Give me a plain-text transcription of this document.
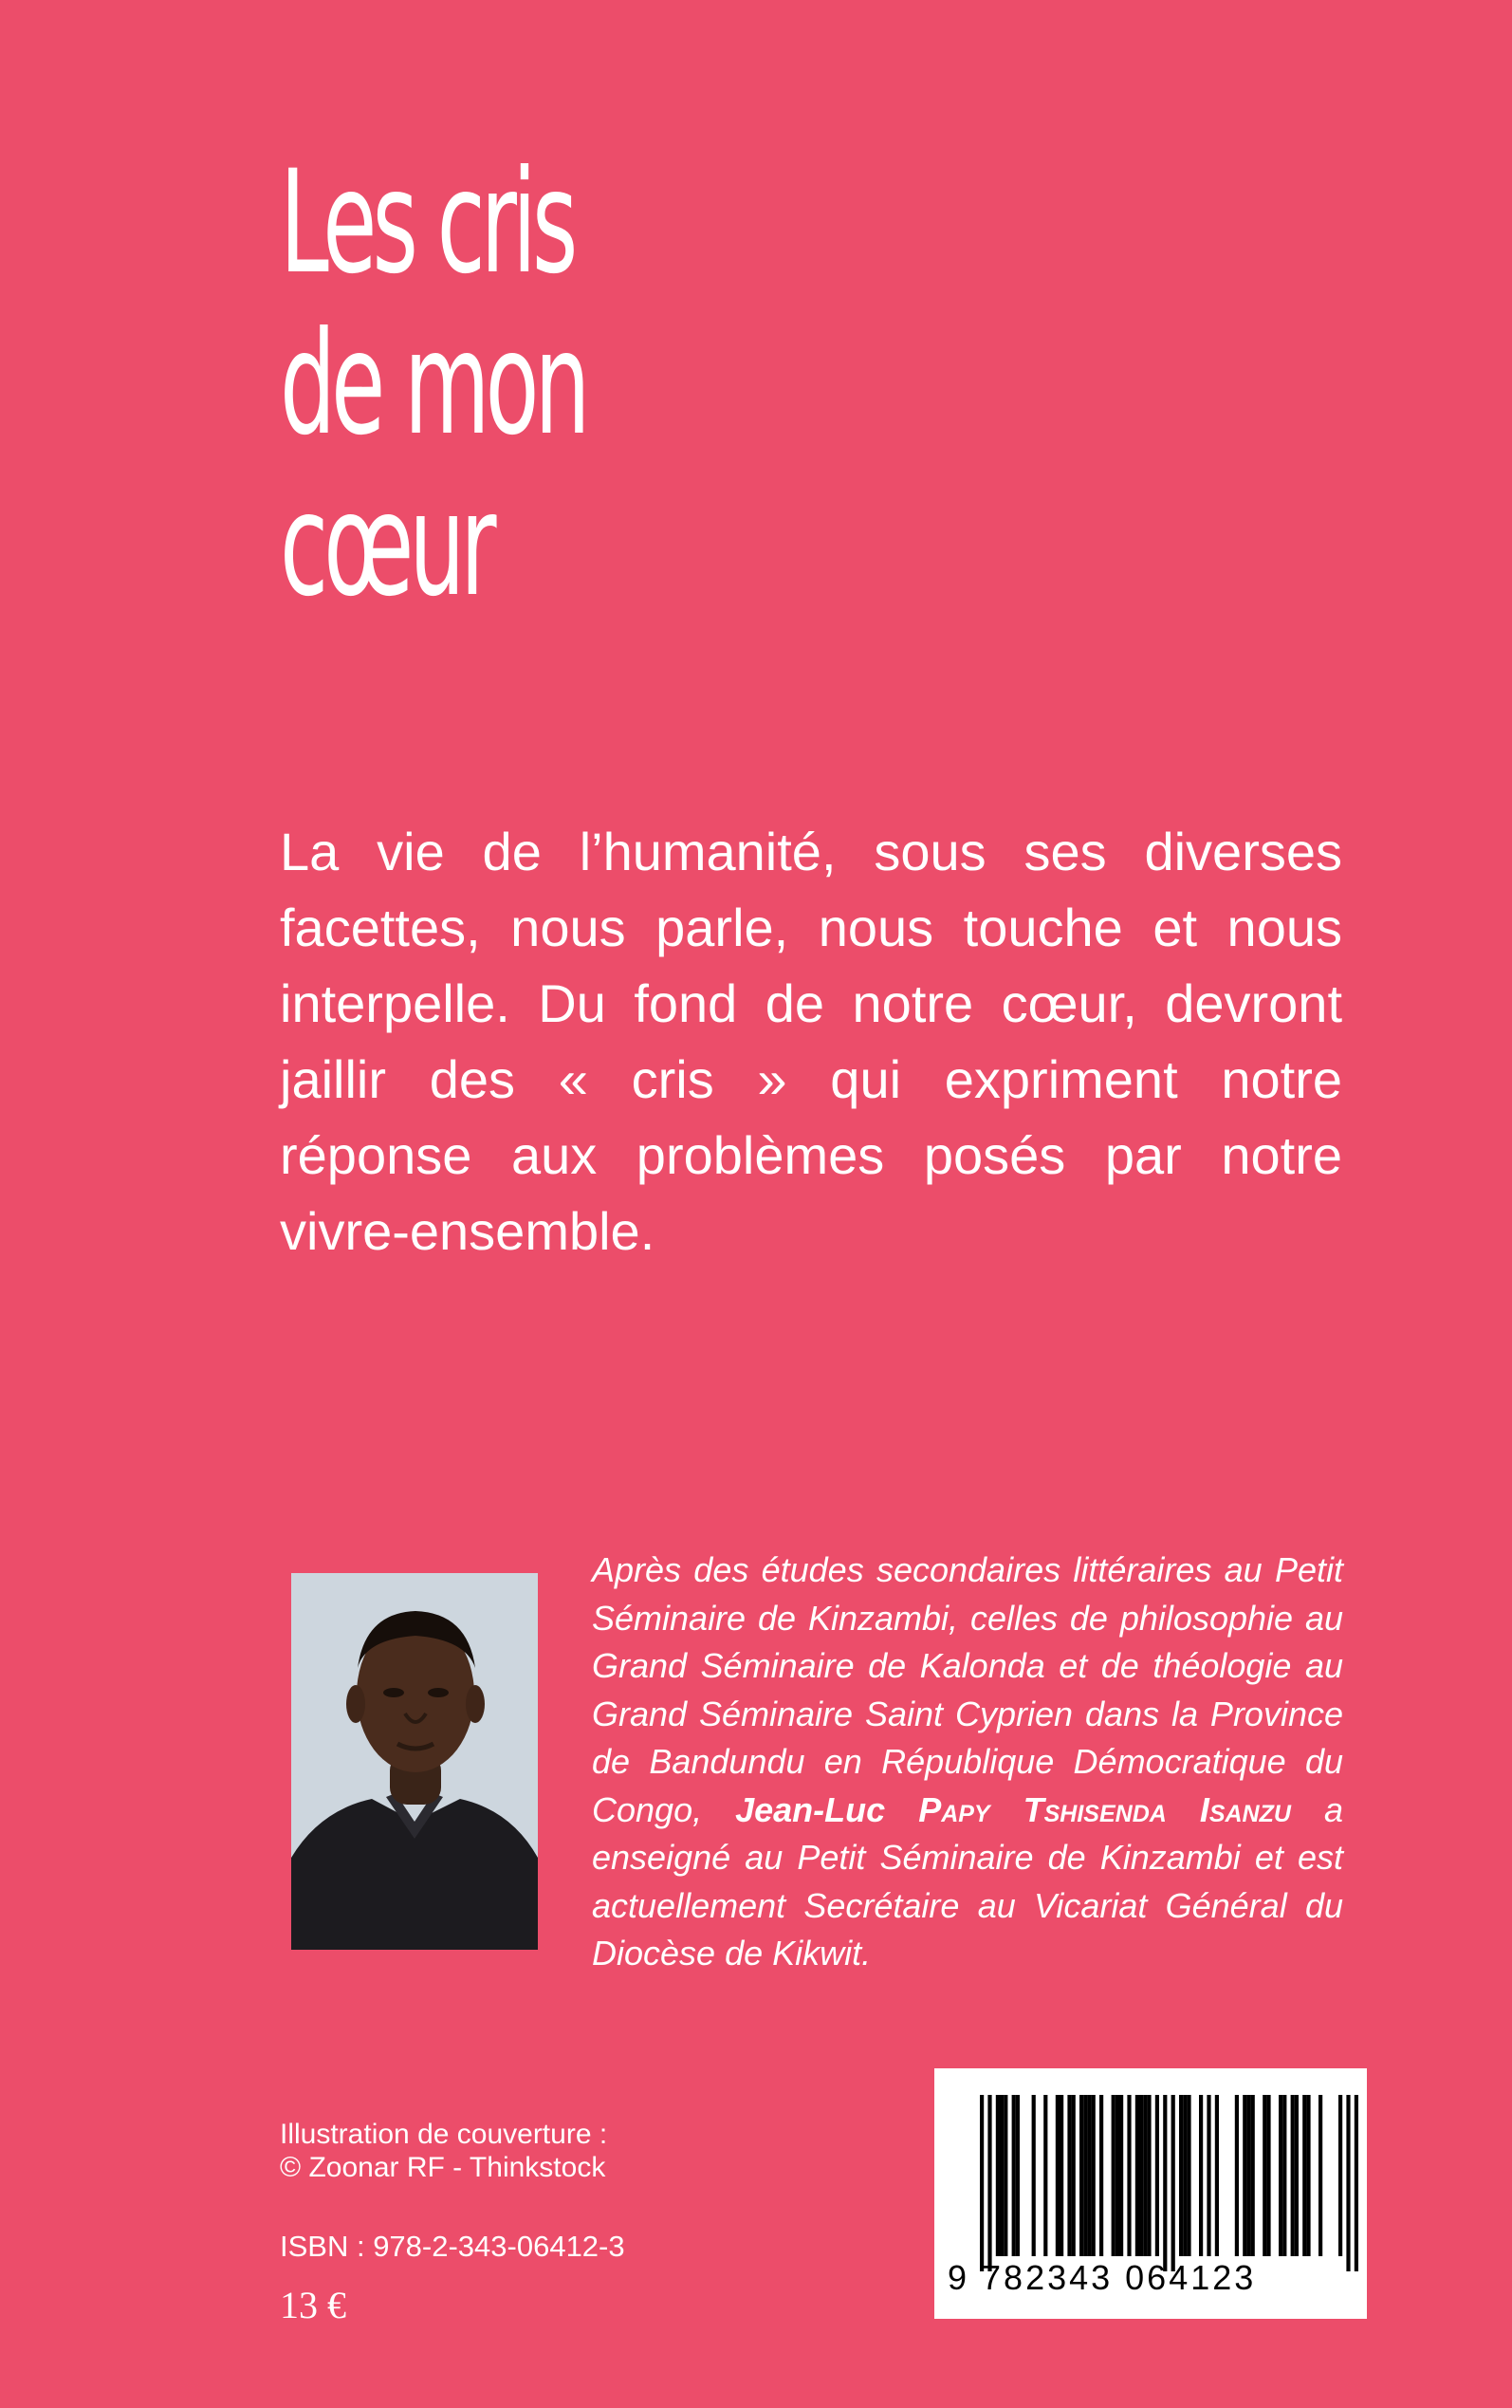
Les cris
de mon
cœur

La vie de l’humanité, sous ses diverses facettes, nous parle, nous touche et nous interpelle. Du fond de notre cœur, devront jaillir des « cris » qui expriment notre réponse aux problèmes posés par notre vivre-ensemble.

Après des études secondaires littéraires au Petit Séminaire de Kinzambi, celles de philosophie au Grand Séminaire de Kalonda et de théologie au Grand Séminaire Saint Cyprien dans la Province de Bandundu en République Démocratique du Congo, Jean-Luc Papy Tshisenda Isanzu a enseigné au Petit Séminaire de Kinzambi et est actuellement Secrétaire au Vicariat Général du Diocèse de Kikwit.

Illustration de couverture :
© Zoonar RF - Thinkstock
ISBN : 978-2-343-06412-3
13 €
9 782343 064123
